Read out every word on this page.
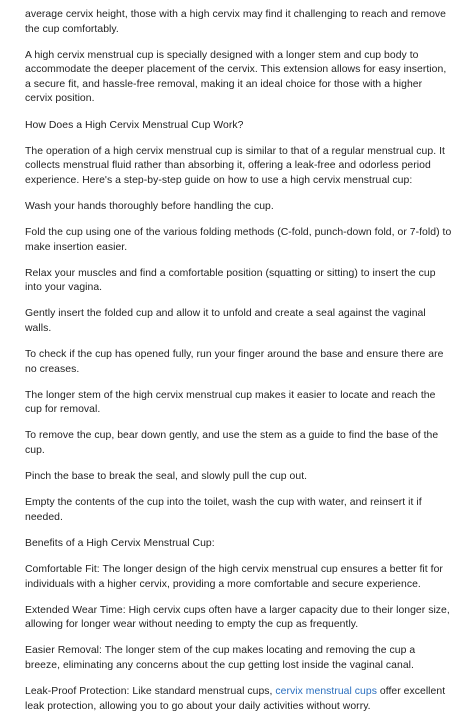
average cervix height, those with a high cervix may find it challenging to reach and remove the cup comfortably.

A high cervix menstrual cup is specially designed with a longer stem and cup body to accommodate the deeper placement of the cervix. This extension allows for easy insertion, a secure fit, and hassle-free removal, making it an ideal choice for those with a higher cervix position.

How Does a High Cervix Menstrual Cup Work?

The operation of a high cervix menstrual cup is similar to that of a regular menstrual cup. It collects menstrual fluid rather than absorbing it, offering a leak-free and odorless period experience. Here's a step-by-step guide on how to use a high cervix menstrual cup:

Wash your hands thoroughly before handling the cup.

Fold the cup using one of the various folding methods (C-fold, punch-down fold, or 7-fold) to make insertion easier.

Relax your muscles and find a comfortable position (squatting or sitting) to insert the cup into your vagina.

Gently insert the folded cup and allow it to unfold and create a seal against the vaginal walls.

To check if the cup has opened fully, run your finger around the base and ensure there are no creases.

The longer stem of the high cervix menstrual cup makes it easier to locate and reach the cup for removal.

To remove the cup, bear down gently, and use the stem as a guide to find the base of the cup.

Pinch the base to break the seal, and slowly pull the cup out.

Empty the contents of the cup into the toilet, wash the cup with water, and reinsert it if needed.

Benefits of a High Cervix Menstrual Cup:

Comfortable Fit: The longer design of the high cervix menstrual cup ensures a better fit for individuals with a higher cervix, providing a more comfortable and secure experience.

Extended Wear Time: High cervix cups often have a larger capacity due to their longer size, allowing for longer wear without needing to empty the cup as frequently.

Easier Removal: The longer stem of the cup makes locating and removing the cup a breeze, eliminating any concerns about the cup getting lost inside the vaginal canal.

Leak-Proof Protection: Like standard menstrual cups, cervix menstrual cups offer excellent leak protection, allowing you to go about your daily activities without worry.
